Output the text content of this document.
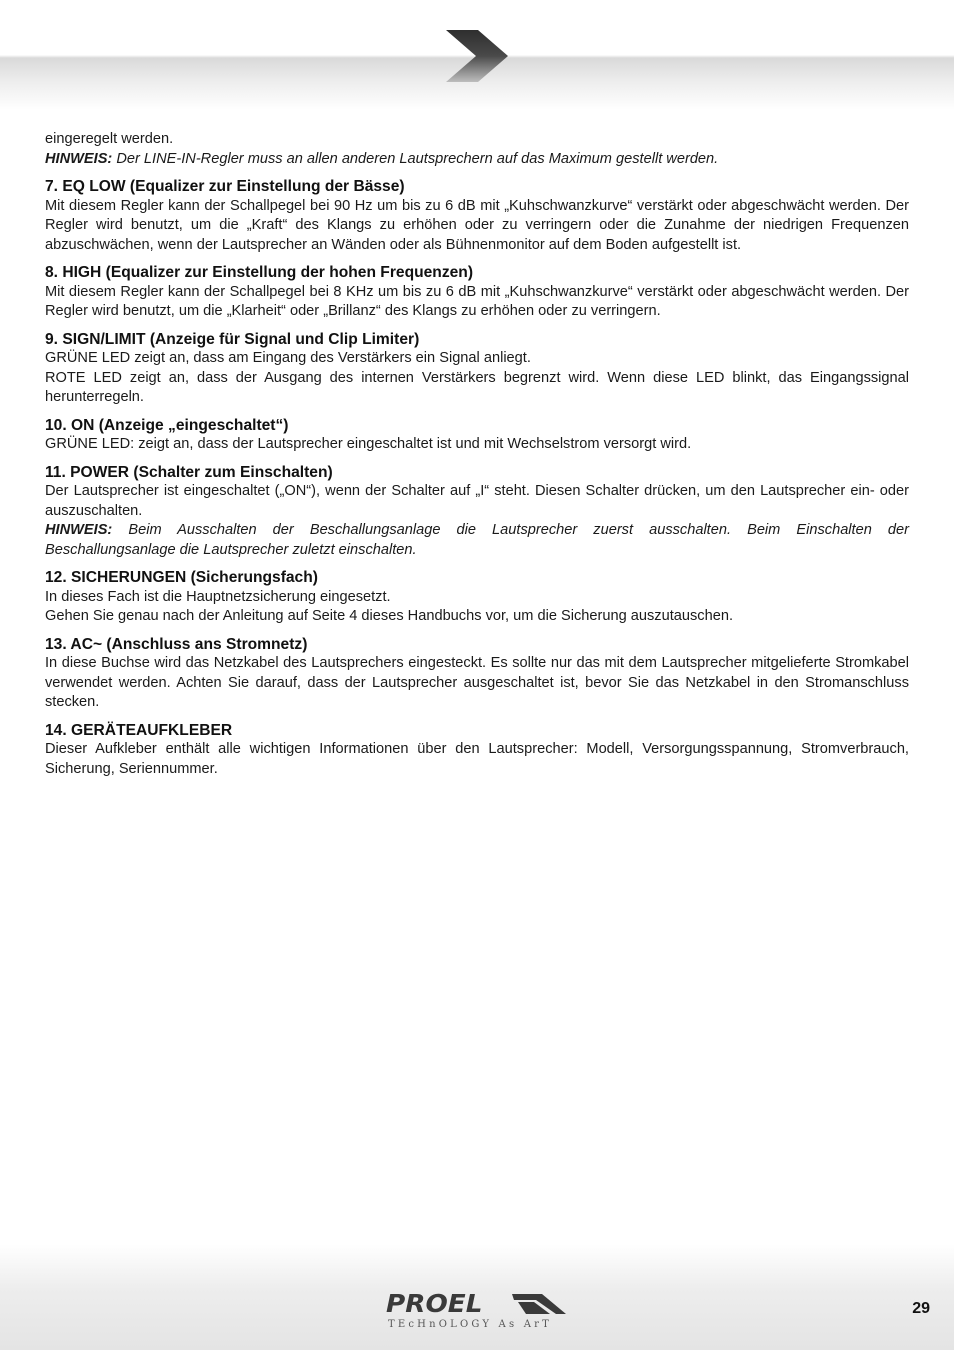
eingeregelt werden.

HINWEIS: Der LINE-IN-Regler muss an allen anderen Lautsprechern auf das Maximum gestellt werden.

7. EQ LOW (Equalizer zur Einstellung der Bässe)

Mit diesem Regler kann der Schallpegel bei 90 Hz um bis zu 6 dB mit „Kuhschwanzkurve“ verstärkt oder abgeschwächt werden. Der Regler wird benutzt, um die „Kraft“ des Klangs zu erhöhen oder zu verringern oder die Zunahme der niedrigen Frequenzen abzuschwächen, wenn der Lautsprecher an Wänden oder als Bühnenmonitor auf dem Boden aufgestellt ist.

8. HIGH (Equalizer zur Einstellung der hohen Frequenzen)

Mit diesem Regler kann der Schallpegel bei 8 KHz um bis zu 6 dB mit „Kuhschwanzkurve“ verstärkt oder abgeschwächt werden. Der Regler wird benutzt, um die „Klarheit“ oder „Brillanz“ des Klangs zu erhöhen oder zu verringern.

9. SIGN/LIMIT (Anzeige für Signal und Clip Limiter)

GRÜNE LED zeigt an, dass am Eingang des Verstärkers ein Signal anliegt.

ROTE LED zeigt an, dass der Ausgang des internen Verstärkers begrenzt wird. Wenn diese LED blinkt, das Eingangssignal herunterregeln.

10. ON (Anzeige „eingeschaltet“)

GRÜNE LED: zeigt an, dass der Lautsprecher eingeschaltet ist und mit Wechselstrom versorgt wird.

11. POWER (Schalter zum Einschalten)

Der Lautsprecher ist eingeschaltet („ON“), wenn der Schalter auf „I“ steht. Diesen Schalter drücken, um den Lautsprecher ein- oder auszuschalten.

HINWEIS: Beim Ausschalten der Beschallungsanlage die Lautsprecher zuerst ausschalten. Beim Einschalten der Beschallungsanlage die Lautsprecher zuletzt einschalten.

12. SICHERUNGEN (Sicherungsfach)

In dieses Fach ist die Hauptnetzsicherung eingesetzt.

Gehen Sie genau nach der Anleitung auf Seite 4 dieses Handbuchs vor, um die Sicherung auszutauschen.

13. AC~ (Anschluss ans Stromnetz)

In diese Buchse wird das Netzkabel des Lautsprechers eingesteckt. Es sollte nur das mit dem Lautsprecher mitgelieferte Stromkabel verwendet werden. Achten Sie darauf, dass der Lautsprecher ausgeschaltet ist, bevor Sie das Netzkabel in den Stromanschluss stecken.

14. GERÄTEAUFKLEBER

Dieser Aufkleber enthält alle wichtigen Informationen über den Lautsprecher: Modell, Versorgungsspannung, Stromverbrauch, Sicherung, Seriennummer.

PROEL
TEcHnOLOGY As ArT
29
